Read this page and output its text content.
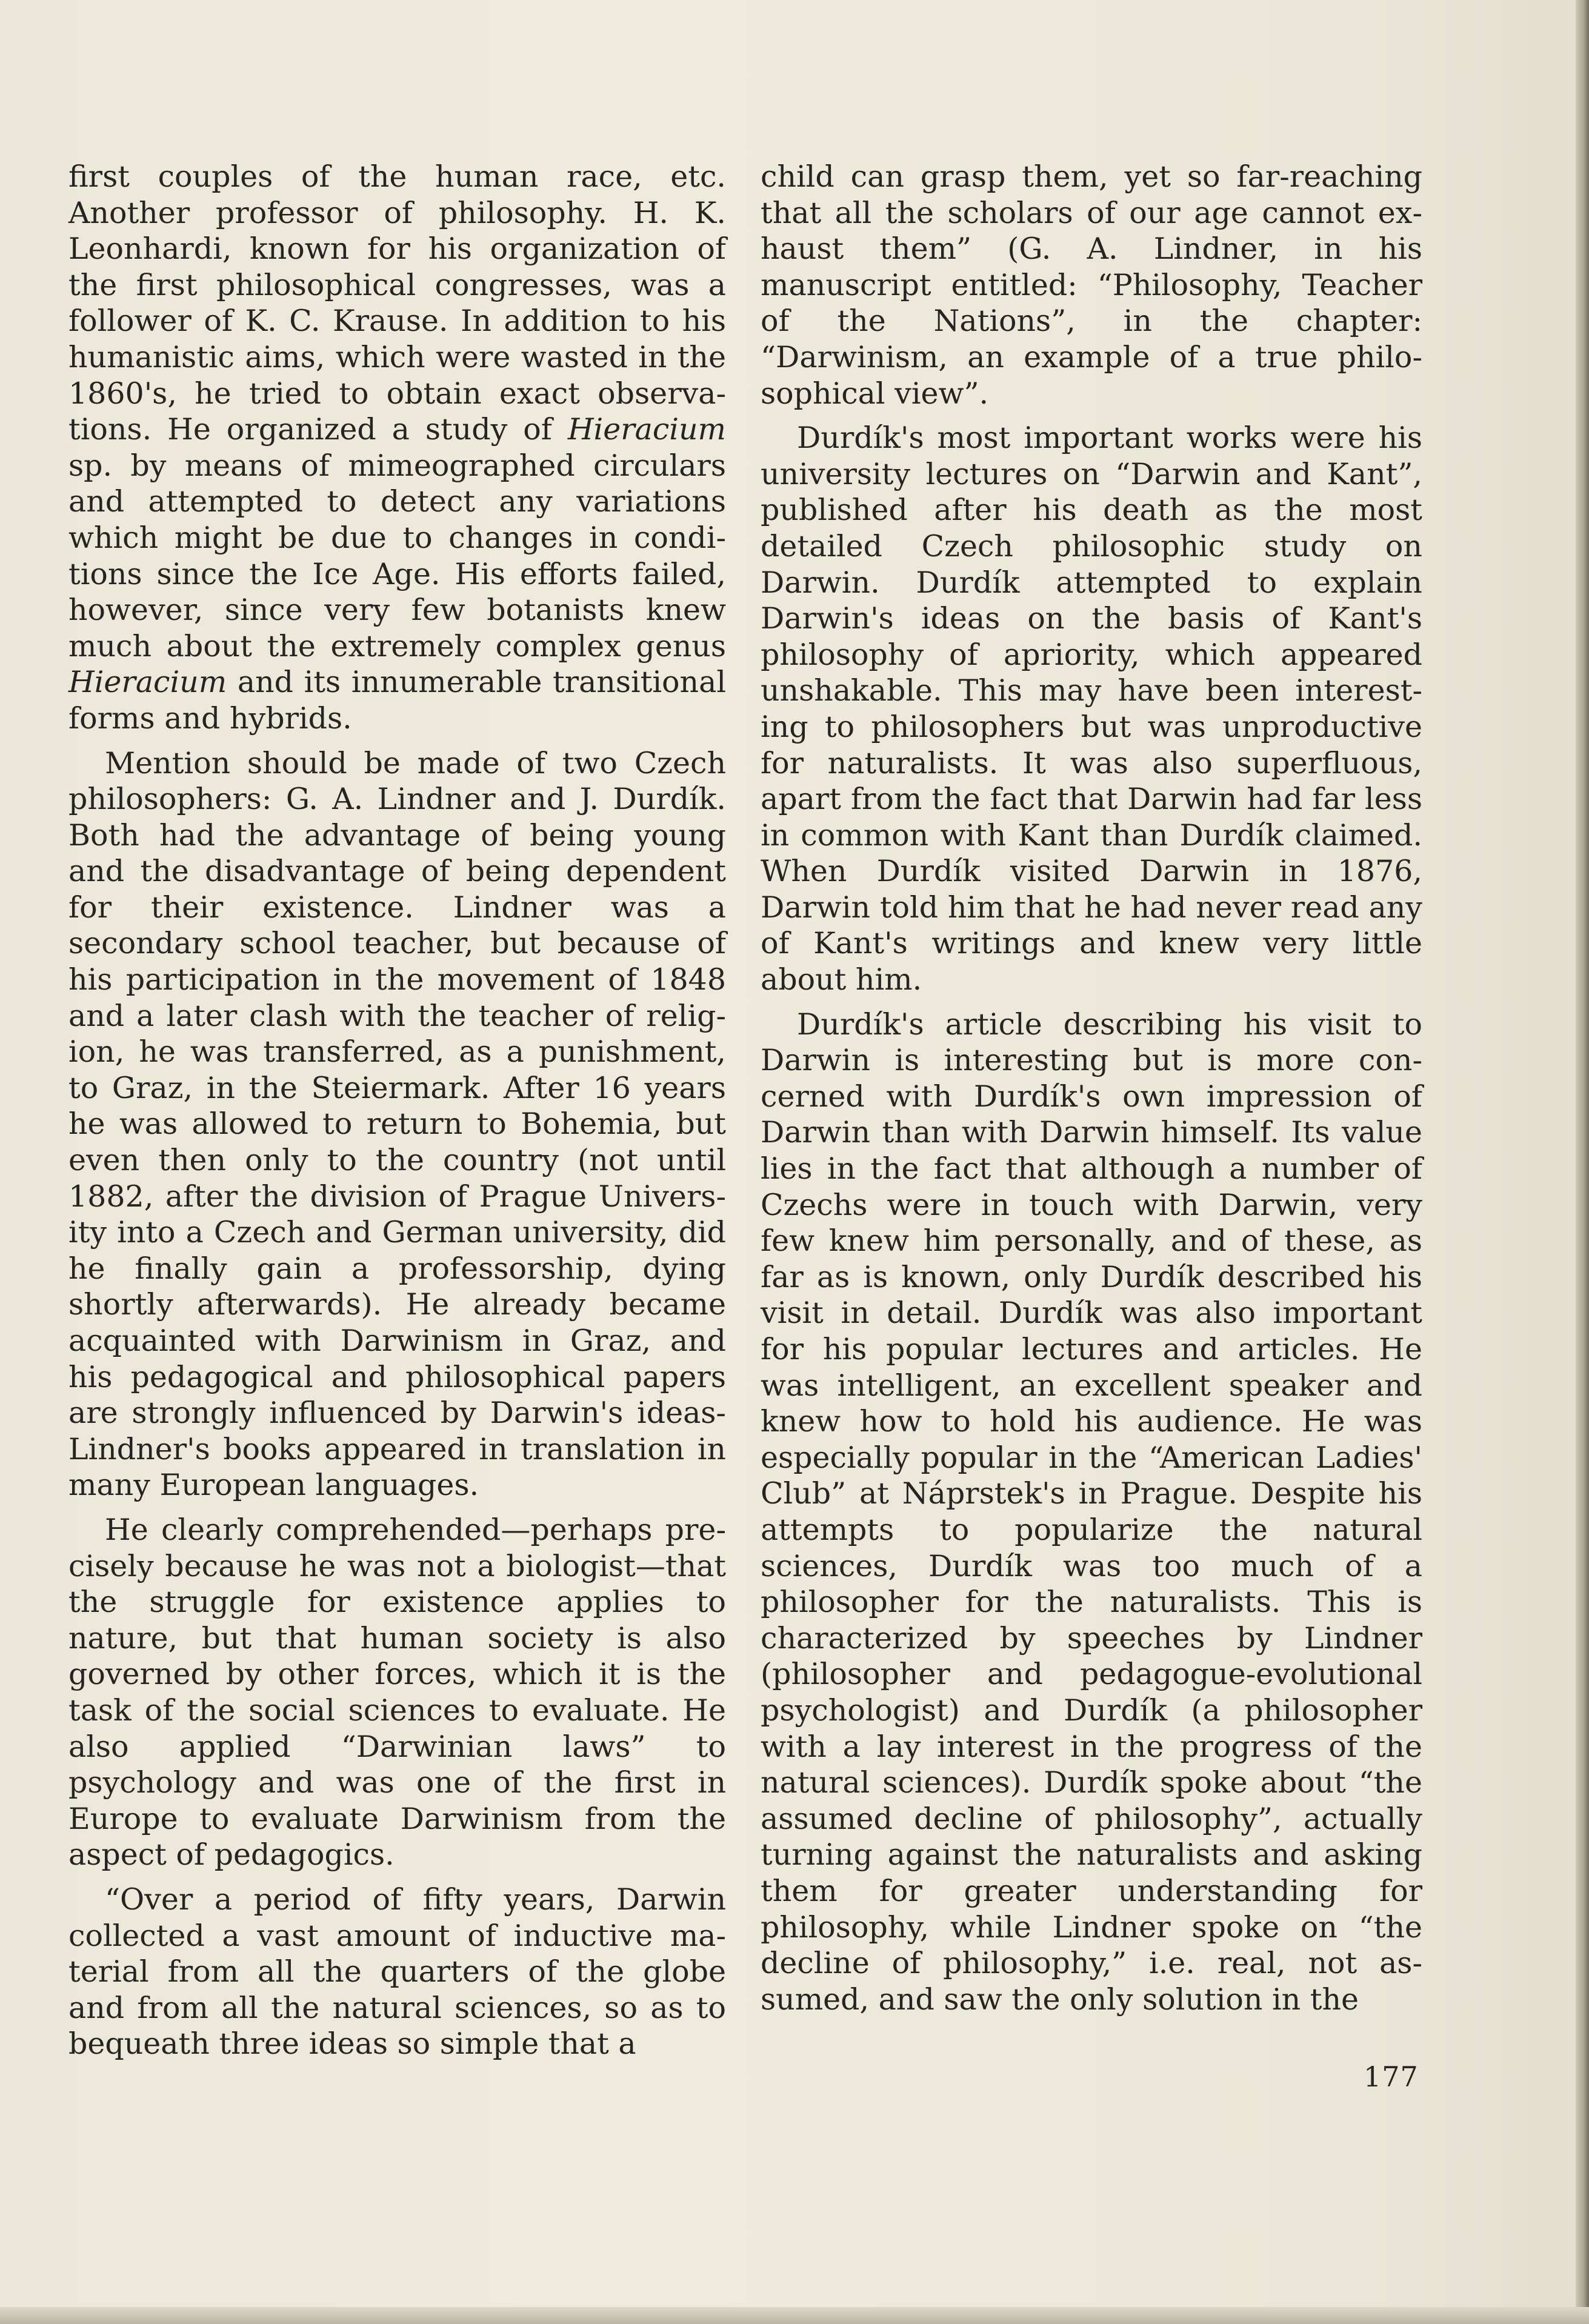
first couples of the human race, etc. Another professor of philosophy. H. K. Leonhardi, known for his organization of the first philosophical congresses, was a follower of K. C. Krause. In addition to his humanistic aims, which were wasted in the 1860's, he tried to obtain exact observations. He organized a study of Hieracium sp. by means of mimeographed circulars and attempted to detect any variations which might be due to changes in conditions since the Ice Age. His efforts failed, however, since very few botanists knew much about the extremely complex genus Hieracium and its innumerable transitional forms and hybrids.

Mention should be made of two Czech philosophers: G. A. Lindner and J. Durdík. Both had the advantage of being young and the disadvantage of being dependent for their existence. Lindner was a secondary school teacher, but because of his participation in the movement of 1848 and a later clash with the teacher of religion, he was transferred, as a punishment, to Graz, in the Steiermark. After 16 years he was allowed to return to Bohemia, but even then only to the country (not until 1882, after the division of Prague University into a Czech and German university, did he finally gain a professorship, dying shortly afterwards). He already became acquainted with Darwinism in Graz, and his pedagogical and philosophical papers are strongly influenced by Darwin's ideas-Lindner's books appeared in translation in many European languages.

He clearly comprehended—perhaps precisely because he was not a biologist—that the struggle for existence applies to nature, but that human society is also governed by other forces, which it is the task of the social sciences to evaluate. He also applied “Darwinian laws” to psychology and was one of the first in Europe to evaluate Darwinism from the aspect of pedagogics.

“Over a period of fifty years, Darwin collected a vast amount of inductive material from all the quarters of the globe and from all the natural sciences, so as to bequeath three ideas so simple that a

child can grasp them, yet so far-reaching that all the scholars of our age cannot exhaust them” (G. A. Lindner, in his manuscript entitled: “Philosophy, Teacher of the Nations”, in the chapter: “Darwinism, an example of a true philosophical view”.

Durdík's most important works were his university lectures on “Darwin and Kant”, published after his death as the most detailed Czech philosophic study on Darwin. Durdík attempted to explain Darwin's ideas on the basis of Kant's philosophy of apriority, which appeared unshakable. This may have been interesting to philosophers but was unproductive for naturalists. It was also superfluous, apart from the fact that Darwin had far less in common with Kant than Durdík claimed. When Durdík visited Darwin in 1876, Darwin told him that he had never read any of Kant's writings and knew very little about him.

Durdík's article describing his visit to Darwin is interesting but is more concerned with Durdík's own impression of Darwin than with Darwin himself. Its value lies in the fact that although a number of Czechs were in touch with Darwin, very few knew him personally, and of these, as far as is known, only Durdík described his visit in detail. Durdík was also important for his popular lectures and articles. He was intelligent, an excellent speaker and knew how to hold his audience. He was especially popular in the “American Ladies' Club” at Náprstek's in Prague. Despite his attempts to popularize the natural sciences, Durdík was too much of a philosopher for the naturalists. This is characterized by speeches by Lindner (philosopher and pedagogue-evolutional psychologist) and Durdík (a philosopher with a lay interest in the progress of the natural sciences). Durdík spoke about “the assumed decline of philosophy”, actually turning against the naturalists and asking them for greater understanding for philosophy, while Lindner spoke on “the decline of philosophy,” i.e. real, not assumed, and saw the only solution in the

177
